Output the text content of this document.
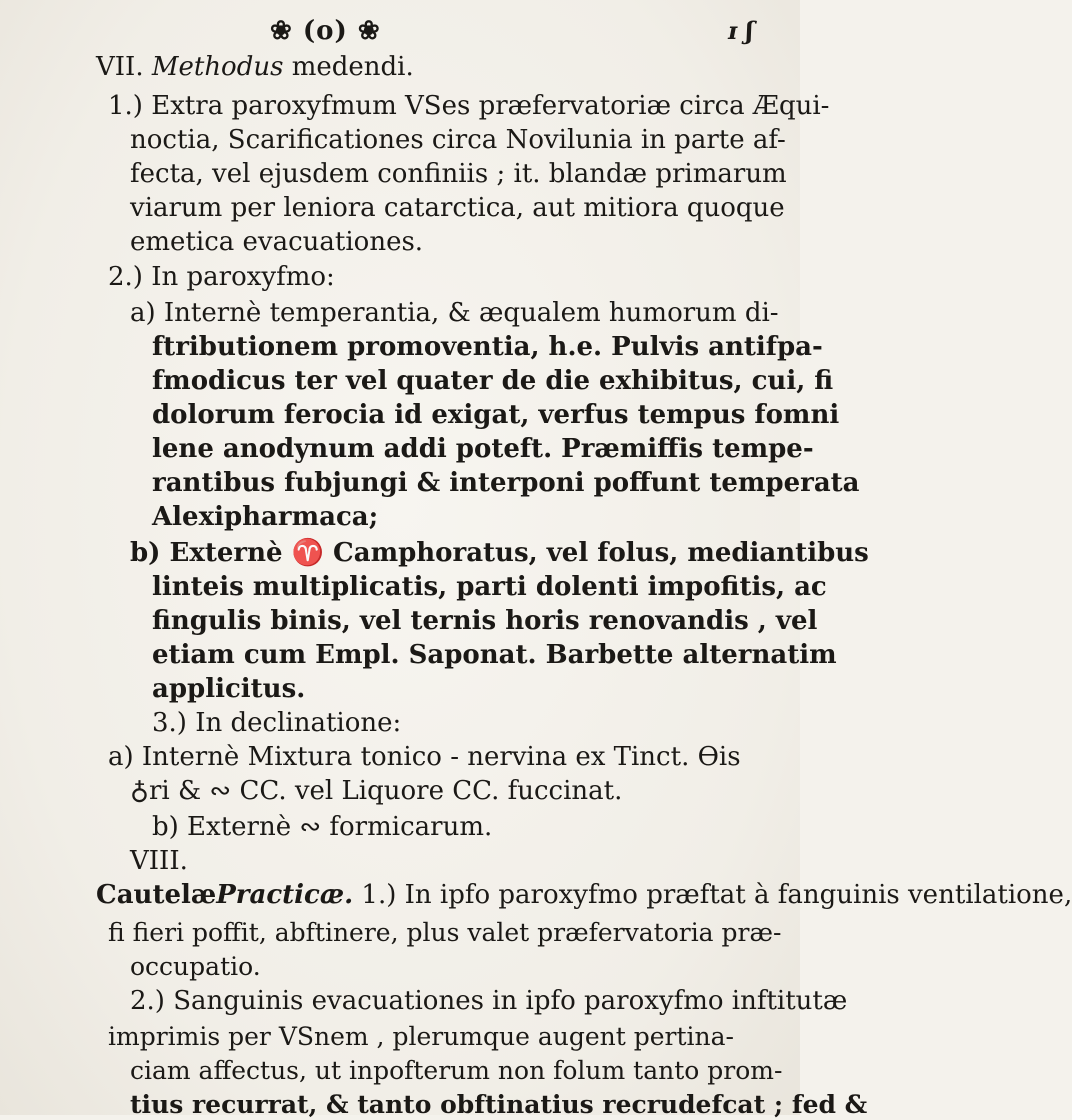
❀ (o) ❀	ɪ ʃ
VII. Methodus medendi.
1.) Extra paroxyfmum VSes præfervatoriæ circa Æqui-
noctia, Scarificationes circa Novilunia in parte af-
fecta, vel ejusdem confiniis ; it. blandæ primarum
viarum per leniora catarctica, aut mitiora quoque
emetica evacuationes.
2.) In paroxyfmo:
a) Internè temperantia, & æqualem humorum di-
ftributionem promoventia, h.e. Pulvis antifpa-
fmodicus ter vel quater de die exhibitus, cui, fi
dolorum ferocia id exigat, verfus tempus fomni
lene anodynum addi poteft. Præmiffis tempe-
rantibus fubjungi & interponi poffunt temperata
Alexipharmaca;
b) Externè ♈ Camphoratus, vel folus, mediantibus
linteis multiplicatis, parti dolenti impofitis, ac
fingulis binis, vel ternis horis renovandis , vel
etiam cum Empl. Saponat. Barbette alternatim
applicitus.
3.) In declinatione:
a) Internè Mixtura tonico - nervina ex Tinct. ϴis
♁ri & ∾ CC. vel Liquore CC. fuccinat.
b) Externè ∾ formicarum.
VIII.
CautelæPracticæ. 1.) In ipfo paroxyfmo præftat à fanguinis ventilatione,
fi fieri poffit, abftinere, plus valet præfervatoria præ-
occupatio.
2.) Sanguinis evacuationes in ipfo paroxyfmo inftitutæ
imprimis per VSnem , plerumque augent pertina-
ciam affectus, ut inpofterum non folum tanto prom-
tius recurrat, & tanto obftinatius recrudefcat ; fed &
